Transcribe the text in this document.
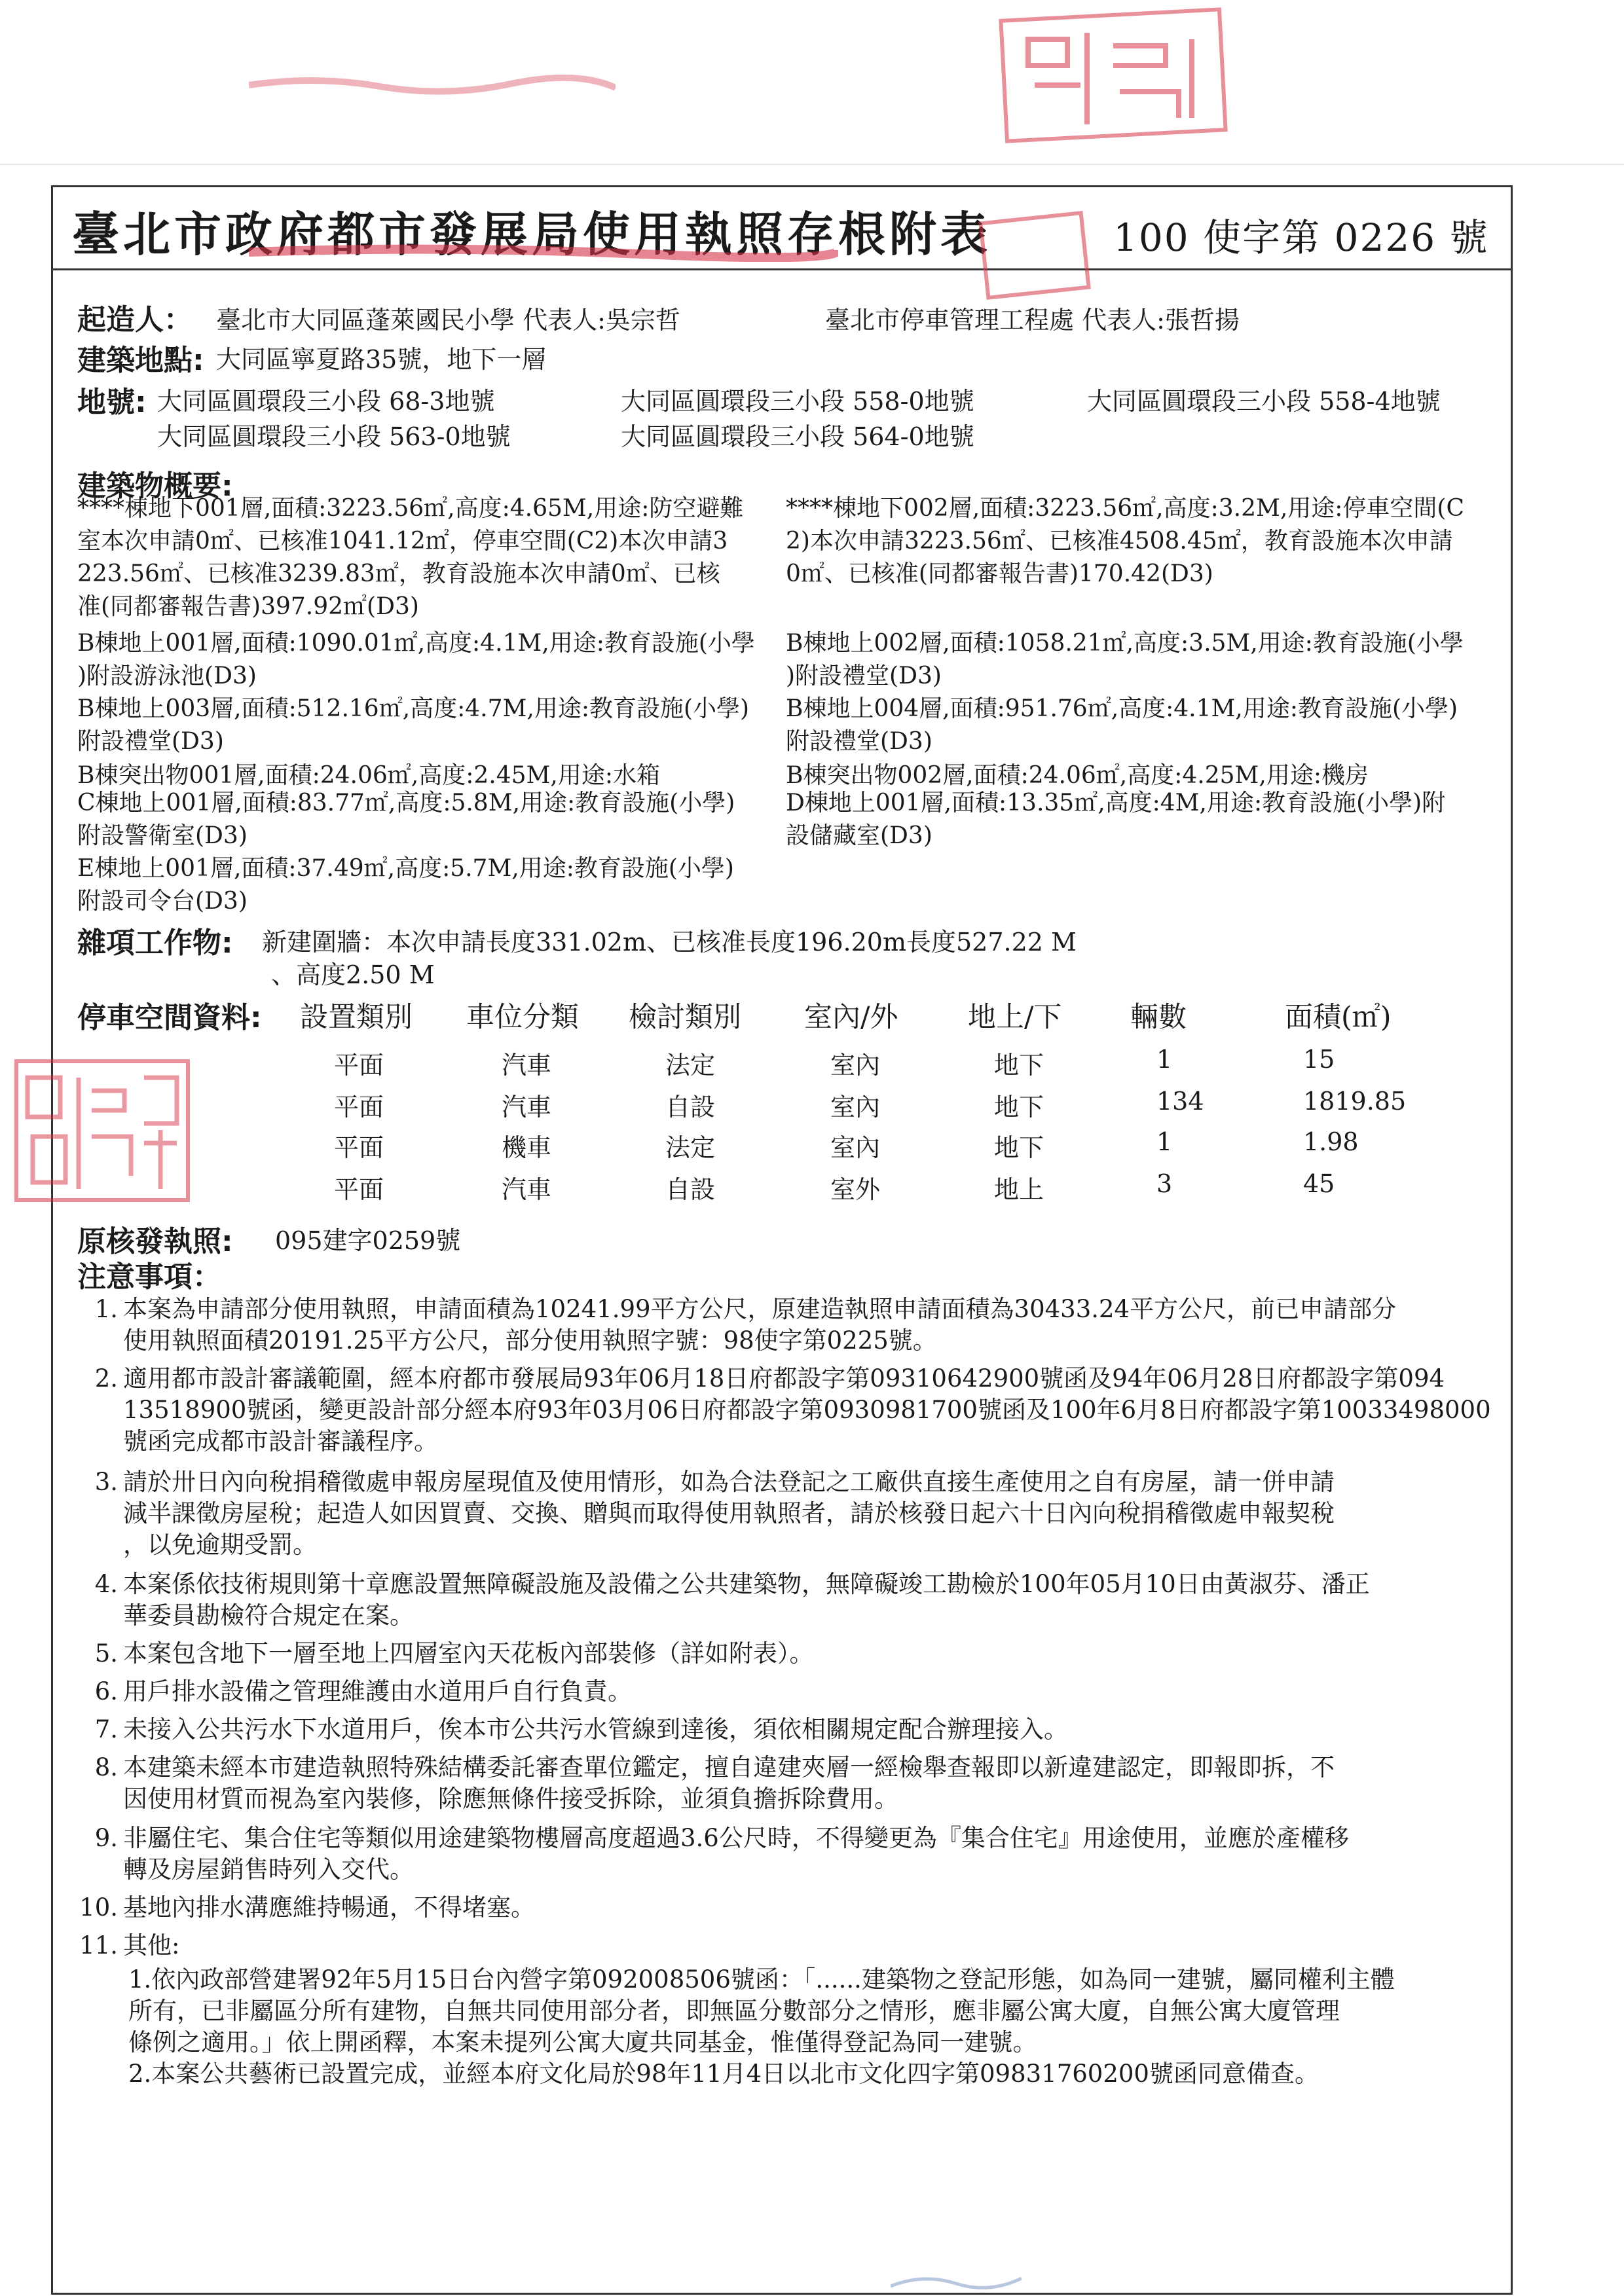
臺北市政府都市發展局使用執照存根附表	100 使字第 0226 號
起造人： 臺北市大同區蓬萊國民小學 代表人:吳宗哲	臺北市停車管理工程處 代表人:張哲揚
建築地點: 大同區寧夏路35號，地下一層
地號: 大同區圓環段三小段 68-3地號	大同區圓環段三小段 558-0地號	大同區圓環段三小段 558-4地號
大同區圓環段三小段 563-0地號	大同區圓環段三小段 564-0地號
建築物概要:
****棟地下001層,面積:3223.56㎡,高度:4.65M,用途:防空避難
室本次申請0㎡、已核准1041.12㎡，停車空間(C2)本次申請3
223.56㎡、已核准3239.83㎡，教育設施本次申請0㎡、已核
准(同都審報告書)397.92㎡(D3)
B棟地上001層,面積:1090.01㎡,高度:4.1M,用途:教育設施(小學
)附設游泳池(D3)
B棟地上003層,面積:512.16㎡,高度:4.7M,用途:教育設施(小學)
附設禮堂(D3)
B棟突出物001層,面積:24.06㎡,高度:2.45M,用途:水箱
C棟地上001層,面積:83.77㎡,高度:5.8M,用途:教育設施(小學)
附設警衛室(D3)
E棟地上001層,面積:37.49㎡,高度:5.7M,用途:教育設施(小學)
附設司令台(D3)
****棟地下002層,面積:3223.56㎡,高度:3.2M,用途:停車空間(C
2)本次申請3223.56㎡、已核准4508.45㎡，教育設施本次申請
0㎡、已核准(同都審報告書)170.42(D3)
B棟地上002層,面積:1058.21㎡,高度:3.5M,用途:教育設施(小學
)附設禮堂(D3)
B棟地上004層,面積:951.76㎡,高度:4.1M,用途:教育設施(小學)
附設禮堂(D3)
B棟突出物002層,面積:24.06㎡,高度:4.25M,用途:機房
D棟地上001層,面積:13.35㎡,高度:4M,用途:教育設施(小學)附
設儲藏室(D3)
雜項工作物: 新建圍牆：本次申請長度331.02m、已核准長度196.20m長度527.22 M
、高度2.50 M
停車空間資料: 設置類別 車位分類 檢討類別 室內/外 地上/下 輛數	面積(㎡)
平面	汽車	法定	室內	地下	1	15
平面	汽車	自設	室內	地下	134	1819.85
平面	機車	法定	室內	地下	1	1.98
平面	汽車	自設	室外	地上	3	45
原核發執照: 095建字0259號
注意事項：
1. 本案為申請部分使用執照，申請面積為10241.99平方公尺，原建造執照申請面積為30433.24平方公尺，前已申請部分
使用執照面積20191.25平方公尺，部分使用執照字號：98使字第0225號。
2. 適用都市設計審議範圍，經本府都市發展局93年06月18日府都設字第09310642900號函及94年06月28日府都設字第094
13518900號函，變更設計部分經本府93年03月06日府都設字第0930981700號函及100年6月8日府都設字第10033498000
號函完成都市設計審議程序。
3. 請於卅日內向稅捐稽徵處申報房屋現值及使用情形，如為合法登記之工廠供直接生產使用之自有房屋，請一併申請
減半課徵房屋稅；起造人如因買賣、交換、贈與而取得使用執照者，請於核發日起六十日內向稅捐稽徵處申報契稅
，以免逾期受罰。
4. 本案係依技術規則第十章應設置無障礙設施及設備之公共建築物，無障礙竣工勘檢於100年05月10日由黃淑芬、潘正
華委員勘檢符合規定在案。
5. 本案包含地下一層至地上四層室內天花板內部裝修（詳如附表）。
6. 用戶排水設備之管理維護由水道用戶自行負責。
7. 未接入公共污水下水道用戶，俟本市公共污水管線到達後，須依相關規定配合辦理接入。
8. 本建築未經本市建造執照特殊結構委託審查單位鑑定，擅自違建夾層一經檢舉查報即以新違建認定，即報即拆，不
因使用材質而視為室內裝修，除應無條件接受拆除，並須負擔拆除費用。
9. 非屬住宅、集合住宅等類似用途建築物樓層高度超過3.6公尺時，不得變更為『集合住宅』用途使用，並應於產權移
轉及房屋銷售時列入交代。
10. 基地內排水溝應維持暢通，不得堵塞。
11. 其他:
1.依內政部營建署92年5月15日台內營字第092008506號函：「......建築物之登記形態，如為同一建號，屬同權利主體
所有，已非屬區分所有建物，自無共同使用部分者，即無區分數部分之情形，應非屬公寓大廈，自無公寓大廈管理
條例之適用。」依上開函釋，本案未提列公寓大廈共同基金，惟僅得登記為同一建號。
2.本案公共藝術已設置完成，並經本府文化局於98年11月4日以北市文化四字第09831760200號函同意備查。
